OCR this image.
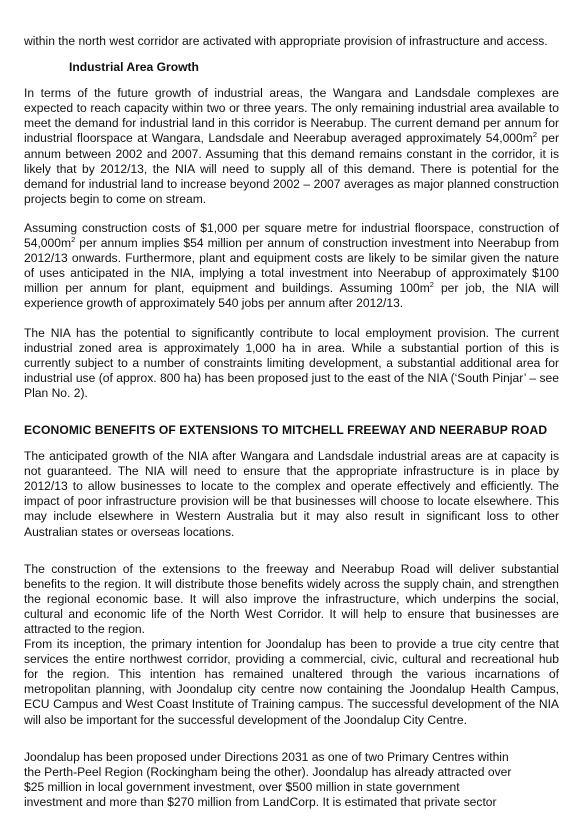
within the north west corridor are activated with appropriate provision of infrastructure and access.

Industrial Area Growth

In terms of the future growth of industrial areas, the Wangara and Landsdale complexes are expected to reach capacity within two or three years. The only remaining industrial area available to meet the demand for industrial land in this corridor is Neerabup. The current demand per annum for industrial floorspace at Wangara, Landsdale and Neerabup averaged approximately $54,000m^2$ per annum between 2002 and 2007. Assuming that this demand remains constant in the corridor, it is likely that by 2012/13, the NIA will need to supply all of this demand. There is potential for the demand for industrial land to increase beyond 2002 – 2007 averages as major planned construction projects begin to come on stream.

Assuming construction costs of $1,000 per square metre for industrial floorspace, construction of $54,000m^2$ per annum implies $54 million per annum of construction investment into Neerabup from 2012/13 onwards. Furthermore, plant and equipment costs are likely to be similar given the nature of uses anticipated in the NIA, implying a total investment into Neerabup of approximately $100 million per annum for plant, equipment and buildings. Assuming $100m^2$ per job, the NIA will experience growth of approximately 540 jobs per annum after 2012/13.

The NIA has the potential to significantly contribute to local employment provision. The current industrial zoned area is approximately 1,000 ha in area. While a substantial portion of this is currently subject to a number of constraints limiting development, a substantial additional area for industrial use (of approx. 800 ha) has been proposed just to the east of the NIA (‘South Pinjar’ – see Plan No. 2).

ECONOMIC BENEFITS OF EXTENSIONS TO MITCHELL FREEWAY AND NEERABUP ROAD

The anticipated growth of the NIA after Wangara and Landsdale industrial areas are at capacity is not guaranteed. The NIA will need to ensure that the appropriate infrastructure is in place by 2012/13 to allow businesses to locate to the complex and operate effectively and efficiently. The impact of poor infrastructure provision will be that businesses will choose to locate elsewhere. This may include elsewhere in Western Australia but it may also result in significant loss to other Australian states or overseas locations.

The construction of the extensions to the freeway and Neerabup Road will deliver substantial benefits to the region. It will distribute those benefits widely across the supply chain, and strengthen the regional economic base. It will also improve the infrastructure, which underpins the social, cultural and economic life of the North West Corridor. It will help to ensure that businesses are attracted to the region.

From its inception, the primary intention for Joondalup has been to provide a true city centre that services the entire northwest corridor, providing a commercial, civic, cultural and recreational hub for the region. This intention has remained unaltered through the various incarnations of metropolitan planning, with Joondalup city centre now containing the Joondalup Health Campus, ECU Campus and West Coast Institute of Training campus. The successful development of the NIA will also be important for the successful development of the Joondalup City Centre.

Joondalup has been proposed under Directions 2031 as one of two Primary Centres within
the Perth-Peel Region (Rockingham being the other). Joondalup has already attracted over
$25 million in local government investment, over $500 million in state government
investment and more than $270 million from LandCorp. It is estimated that private sector
